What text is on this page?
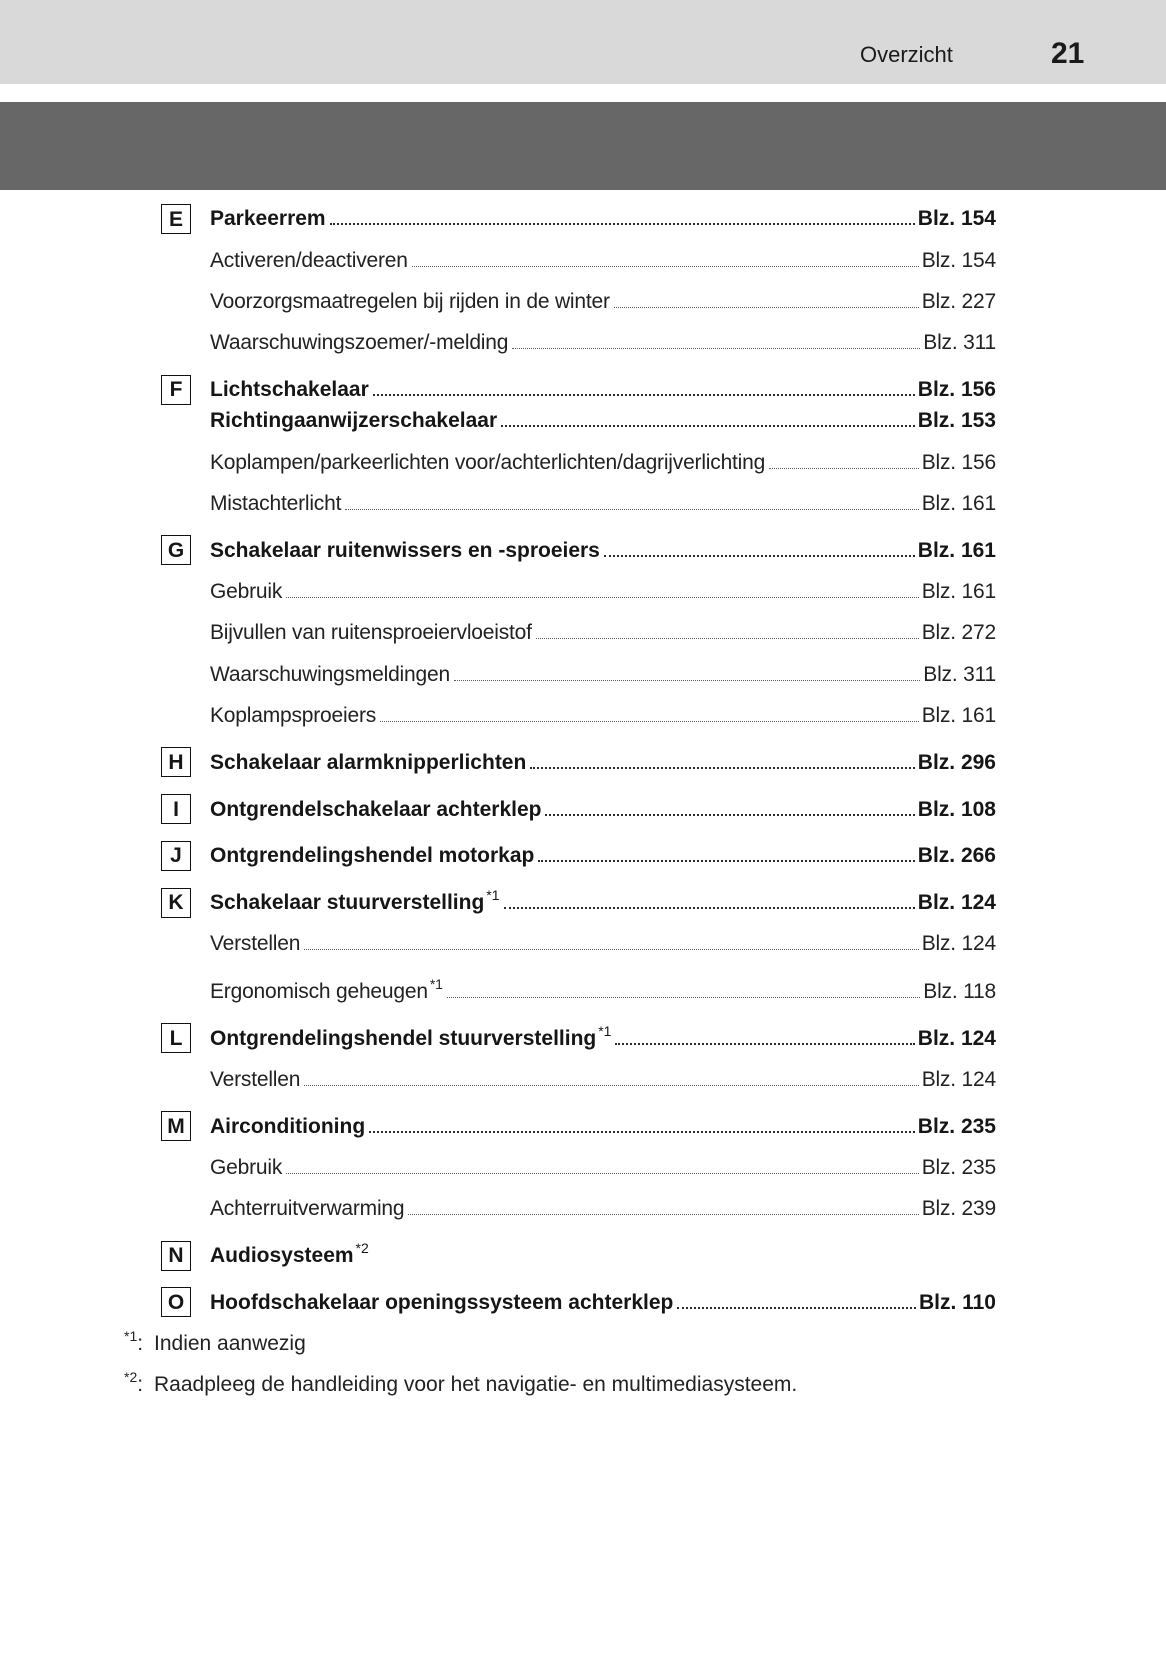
Overzicht	21
E	Parkeerrem	Blz. 154
Activeren/deactiveren	Blz. 154
Voorzorgsmaatregelen bij rijden in de winter	Blz. 227
Waarschuwingszoemer/-melding	Blz. 311
F	Lichtschakelaar	Blz. 156
Richtingaanwijzerschakelaar	Blz. 153
Koplampen/parkeerlichten voor/achterlichten/dagrijverlichting	Blz. 156
Mistachterlicht	Blz. 161
G	Schakelaar ruitenwissers en -sproeiers	Blz. 161
Gebruik	Blz. 161
Bijvullen van ruitensproeiervloeistof	Blz. 272
Waarschuwingsmeldingen	Blz. 311
Koplampsproeiers	Blz. 161
H	Schakelaar alarmknipperlichten	Blz. 296
I	Ontgrendelschakelaar achterklep	Blz. 108
J	Ontgrendelingshendel motorkap	Blz. 266
K	Schakelaar stuurverstelling *1	Blz. 124
Verstellen	Blz. 124
Ergonomisch geheugen *1	Blz. 118
L	Ontgrendelingshendel stuurverstelling *1	Blz. 124
Verstellen	Blz. 124
M Airconditioning	Blz. 235
Gebruik	Blz. 235
Achterruitverwarming	Blz. 239
N	Audiosysteem *2
O	Hoofdschakelaar openingssysteem achterklep	Blz. 110
$^{*1}$: Indien aanwezig
$^{*2}$: Raadpleeg de handleiding voor het navigatie- en multimediasysteem.
